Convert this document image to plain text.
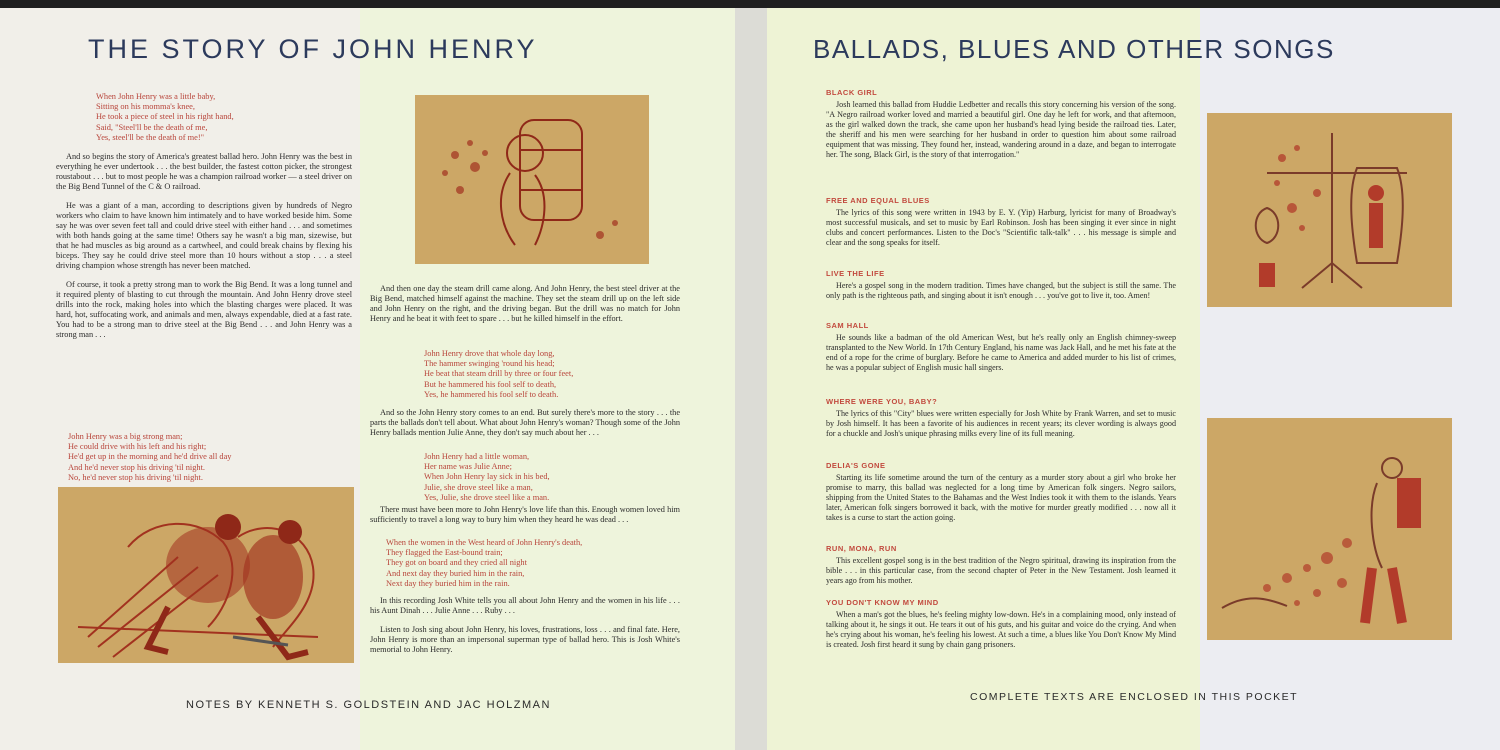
THE STORY OF JOHN HENRY	BALLADS, BLUES AND OTHER SONGS
When John Henry was a little baby,
Sitting on his momma's knee,
He took a piece of steel in his right hand,
Said, "Steel'll be the death of me,
Yes, steel'll be the death of me!"

And so begins the story of America's greatest ballad hero. John Henry was the best in everything he ever undertook . . . the best builder, the fastest cotton picker, the strongest roustabout . . . but to most people he was a champion railroad worker — a steel driver on the Big Bend Tunnel of the C & O railroad.

He was a giant of a man, according to descriptions given by hundreds of Negro workers who claim to have known him intimately and to have worked beside him. Some say he was over seven feet tall and could drive steel with either hand . . . and sometimes with both hands going at the same time! Others say he wasn't a big man, sizewise, but that he had muscles as big around as a cartwheel, and could break chains by flexing his biceps. They say he could drive steel more than 10 hours without a stop . . . a steel driving champion whose strength has never been matched.

Of course, it took a pretty strong man to work the Big Bend. It was a long tunnel and it required plenty of blasting to cut through the mountain. And John Henry drove steel drills into the rock, making holes into which the blasting charges were placed. It was hard, hot, suffocating work, and animals and men, always expendable, died at a fast rate. You had to be a strong man to drive steel at the Big Bend . . . and John Henry was a strong man . . .

John Henry was a big strong man;
He could drive with his left and his right;
He'd get up in the morning and he'd drive all day
And he'd never stop his driving 'til night.
No, he'd never stop his driving 'til night.

And then one day the steam drill came along. And John Henry, the best steel driver at the Big Bend, matched himself against the machine. They set the steam drill up on the left side and John Henry on the right, and the driving began. But the drill was no match for John Henry and he beat it with feet to spare . . . but he killed himself in the effort.

John Henry drove that whole day long,
The hammer swinging 'round his head;
He beat that steam drill by three or four feet,
But he hammered his fool self to death,
Yes, he hammered his fool self to death.

And so the John Henry story comes to an end. But surely there's more to the story . . . the parts the ballads don't tell about. What about John Henry's woman? Though some of the John Henry ballads mention Julie Anne, they don't say much about her . . .

John Henry had a little woman,
Her name was Julie Anne;
When John Henry lay sick in his bed,
Julie, she drove steel like a man,
Yes, Julie, she drove steel like a man.

There must have been more to John Henry's love life than this. Enough women loved him sufficiently to travel a long way to bury him when they heard he was dead . . .

When the women in the West heard of John Henry's death,
They flagged the East-bound train;
They got on board and they cried all night
And next day they buried him in the rain,
Next day they buried him in the rain.

In this recording Josh White tells you all about John Henry and the women in his life . . . his Aunt Dinah . . . Julie Anne . . . Ruby . . .

Listen to Josh sing about John Henry, his loves, frustrations, loss . . . and final fate. Here, John Henry is more than an impersonal superman type of ballad hero. This is Josh White's memorial to John Henry.

BLACK GIRL
Josh learned this ballad from Huddie Ledbetter and recalls this story concerning his version of the song. "A Negro railroad worker loved and married a beautiful girl. One day he left for work, and that afternoon, as the girl walked down the track, she came upon her husband's head lying beside the railroad ties. Later, the sheriff and his men were searching for her husband in order to question him about some railroad equipment that was missing. They found her, instead, wandering around in a daze, and began to interrogate her. The song, Black Girl, is the story of that interrogation."
FREE AND EQUAL BLUES
The lyrics of this song were written in 1943 by E. Y. (Yip) Harburg, lyricist for many of Broadway's most successful musicals, and set to music by Earl Robinson. Josh has been singing it ever since in night clubs and concert performances. Listen to the Doc's "Scientific talk-talk" . . . his message is simple and clear and the song speaks for itself.
LIVE THE LIFE
Here's a gospel song in the modern tradition. Times have changed, but the subject is still the same. The only path is the righteous path, and singing about it isn't enough . . . you've got to live it, too. Amen!
SAM HALL
He sounds like a badman of the old American West, but he's really only an English chimney-sweep transplanted to the New World. In 17th Century England, his name was Jack Hall, and he met his fate at the end of a rope for the crime of burglary. Before he came to America and added murder to his list of crimes, he was a popular subject of English music hall singers.
WHERE WERE YOU, BABY?
The lyrics of this "City" blues were written especially for Josh White by Frank Warren, and set to music by Josh himself. It has been a favorite of his audiences in recent years; its clever wording is always good for a chuckle and Josh's unique phrasing milks every line of its full meaning.
DELIA'S GONE
Starting its life sometime around the turn of the century as a murder story about a girl who broke her promise to marry, this ballad was neglected for a long time by American folk singers. Negro sailors, shipping from the United States to the Bahamas and the West Indies took it with them to the islands. Years later, American folk singers borrowed it back, with the motive for murder greatly modified . . . now all it takes is a curse to start the action going.
RUN, MONA, RUN
This excellent gospel song is in the best tradition of the Negro spiritual, drawing its inspiration from the bible . . . in this particular case, from the second chapter of Peter in the New Testament. Josh learned it years ago from his mother.
YOU DON'T KNOW MY MIND
When a man's got the blues, he's feeling mighty low-down. He's in a complaining mood, only instead of talking about it, he sings it out. He tears it out of his guts, and his guitar and voice do the crying. And when he's crying about his woman, he's feeling his lowest. At such a time, a blues like You Don't Know My Mind is created. Josh first heard it sung by chain gang prisoners.
NOTES BY KENNETH S. GOLDSTEIN AND JAC HOLZMAN
COMPLETE TEXTS ARE ENCLOSED IN THIS POCKET
